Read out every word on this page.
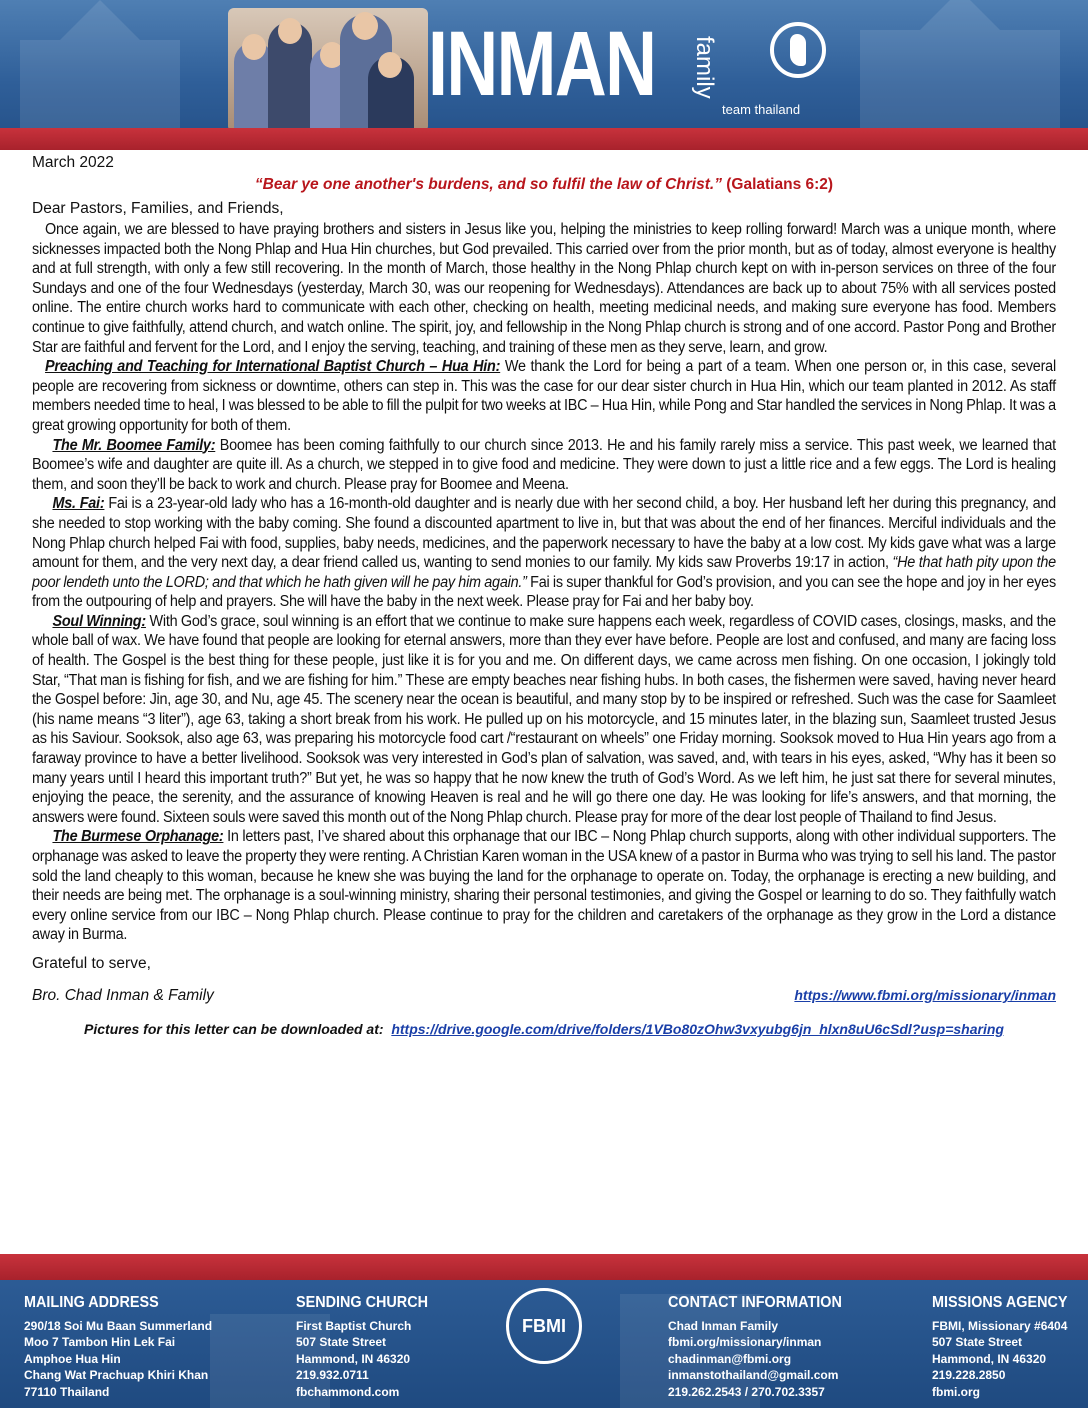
INMAN family
team thailand
March 2022
“Bear ye one another's burdens, and so fulfil the law of Christ.” (Galatians 6:2)
Dear Pastors, Families, and Friends,

Once again, we are blessed to have praying brothers and sisters in Jesus like you, helping the ministries to keep rolling forward! March was a unique month, where sicknesses impacted both the Nong Phlap and Hua Hin churches, but God prevailed. This carried over from the prior month, but as of today, almost everyone is healthy and at full strength, with only a few still recovering. In the month of March, those healthy in the Nong Phlap church kept on with in-person services on three of the four Sundays and one of the four Wednesdays (yesterday, March 30, was our reopening for Wednesdays). Attendances are back up to about 75% with all services posted online. The entire church works hard to communicate with each other, checking on health, meeting medicinal needs, and making sure everyone has food. Members continue to give faithfully, attend church, and watch online. The spirit, joy, and fellowship in the Nong Phlap church is strong and of one accord. Pastor Pong and Brother Star are faithful and fervent for the Lord, and I enjoy the serving, teaching, and training of these men as they serve, learn, and grow.

Preaching and Teaching for International Baptist Church – Hua Hin: We thank the Lord for being a part of a team. When one person or, in this case, several people are recovering from sickness or downtime, others can step in. This was the case for our dear sister church in Hua Hin, which our team planted in 2012. As staff members needed time to heal, I was blessed to be able to fill the pulpit for two weeks at IBC – Hua Hin, while Pong and Star handled the services in Nong Phlap. It was a great growing opportunity for both of them.

The Mr. Boomee Family: Boomee has been coming faithfully to our church since 2013. He and his family rarely miss a service. This past week, we learned that Boomee’s wife and daughter are quite ill. As a church, we stepped in to give food and medicine. They were down to just a little rice and a few eggs. The Lord is healing them, and soon they’ll be back to work and church. Please pray for Boomee and Meena.

Ms. Fai: Fai is a 23-year-old lady who has a 16-month-old daughter and is nearly due with her second child, a boy. Her husband left her during this pregnancy, and she needed to stop working with the baby coming. She found a discounted apartment to live in, but that was about the end of her finances. Merciful individuals and the Nong Phlap church helped Fai with food, supplies, baby needs, medicines, and the paperwork necessary to have the baby at a low cost. My kids gave what was a large amount for them, and the very next day, a dear friend called us, wanting to send monies to our family. My kids saw Proverbs 19:17 in action, “He that hath pity upon the poor lendeth unto the LORD; and that which he hath given will he pay him again.” Fai is super thankful for God’s provision, and you can see the hope and joy in her eyes from the outpouring of help and prayers. She will have the baby in the next week. Please pray for Fai and her baby boy.

Soul Winning: With God’s grace, soul winning is an effort that we continue to make sure happens each week, regardless of COVID cases, closings, masks, and the whole ball of wax. We have found that people are looking for eternal answers, more than they ever have before. People are lost and confused, and many are facing loss of health. The Gospel is the best thing for these people, just like it is for you and me. On different days, we came across men fishing. On one occasion, I jokingly told Star, “That man is fishing for fish, and we are fishing for him.” These are empty beaches near fishing hubs. In both cases, the fishermen were saved, having never heard the Gospel before: Jin, age 30, and Nu, age 45. The scenery near the ocean is beautiful, and many stop by to be inspired or refreshed. Such was the case for Saamleet (his name means “3 liter”), age 63, taking a short break from his work. He pulled up on his motorcycle, and 15 minutes later, in the blazing sun, Saamleet trusted Jesus as his Saviour. Sooksok, also age 63, was preparing his motorcycle food cart /“restaurant on wheels” one Friday morning. Sooksok moved to Hua Hin years ago from a faraway province to have a better livelihood. Sooksok was very interested in God’s plan of salvation, was saved, and, with tears in his eyes, asked, “Why has it been so many years until I heard this important truth?” But yet, he was so happy that he now knew the truth of God’s Word. As we left him, he just sat there for several minutes, enjoying the peace, the serenity, and the assurance of knowing Heaven is real and he will go there one day. He was looking for life’s answers, and that morning, the answers were found. Sixteen souls were saved this month out of the Nong Phlap church. Please pray for more of the dear lost people of Thailand to find Jesus.

The Burmese Orphanage: In letters past, I’ve shared about this orphanage that our IBC – Nong Phlap church supports, along with other individual supporters. The orphanage was asked to leave the property they were renting. A Christian Karen woman in the USA knew of a pastor in Burma who was trying to sell his land. The pastor sold the land cheaply to this woman, because he knew she was buying the land for the orphanage to operate on. Today, the orphanage is erecting a new building, and their needs are being met. The orphanage is a soul-winning ministry, sharing their personal testimonies, and giving the Gospel or learning to do so. They faithfully watch every online service from our IBC – Nong Phlap church. Please continue to pray for the children and caretakers of the orphanage as they grow in the Lord a distance away in Burma.

Grateful to serve,
Bro. Chad Inman & Family	https://www.fbmi.org/missionary/inman
Pictures for this letter can be downloaded at: https://drive.google.com/drive/folders/1VBo80zOhw3vxyubg6jn_hlxn8uU6cSdl?usp=sharing
MAILING ADDRESS
290/18 Soi Mu Baan Summerland
Moo 7 Tambon Hin Lek Fai
Amphoe Hua Hin
Chang Wat Prachuap Khiri Khan
77110 Thailand
SENDING CHURCH
First Baptist Church
507 State Street
Hammond, IN 46320
219.932.0711
fbchammond.com
FBMI
CONTACT INFORMATION
Chad Inman Family
fbmi.org/missionary/inman
chadinman@fbmi.org
inmanstothailand@gmail.com
219.262.2543 / 270.702.3357
MISSIONS AGENCY
FBMI, Missionary #6404
507 State Street
Hammond, IN 46320
219.228.2850
fbmi.org
